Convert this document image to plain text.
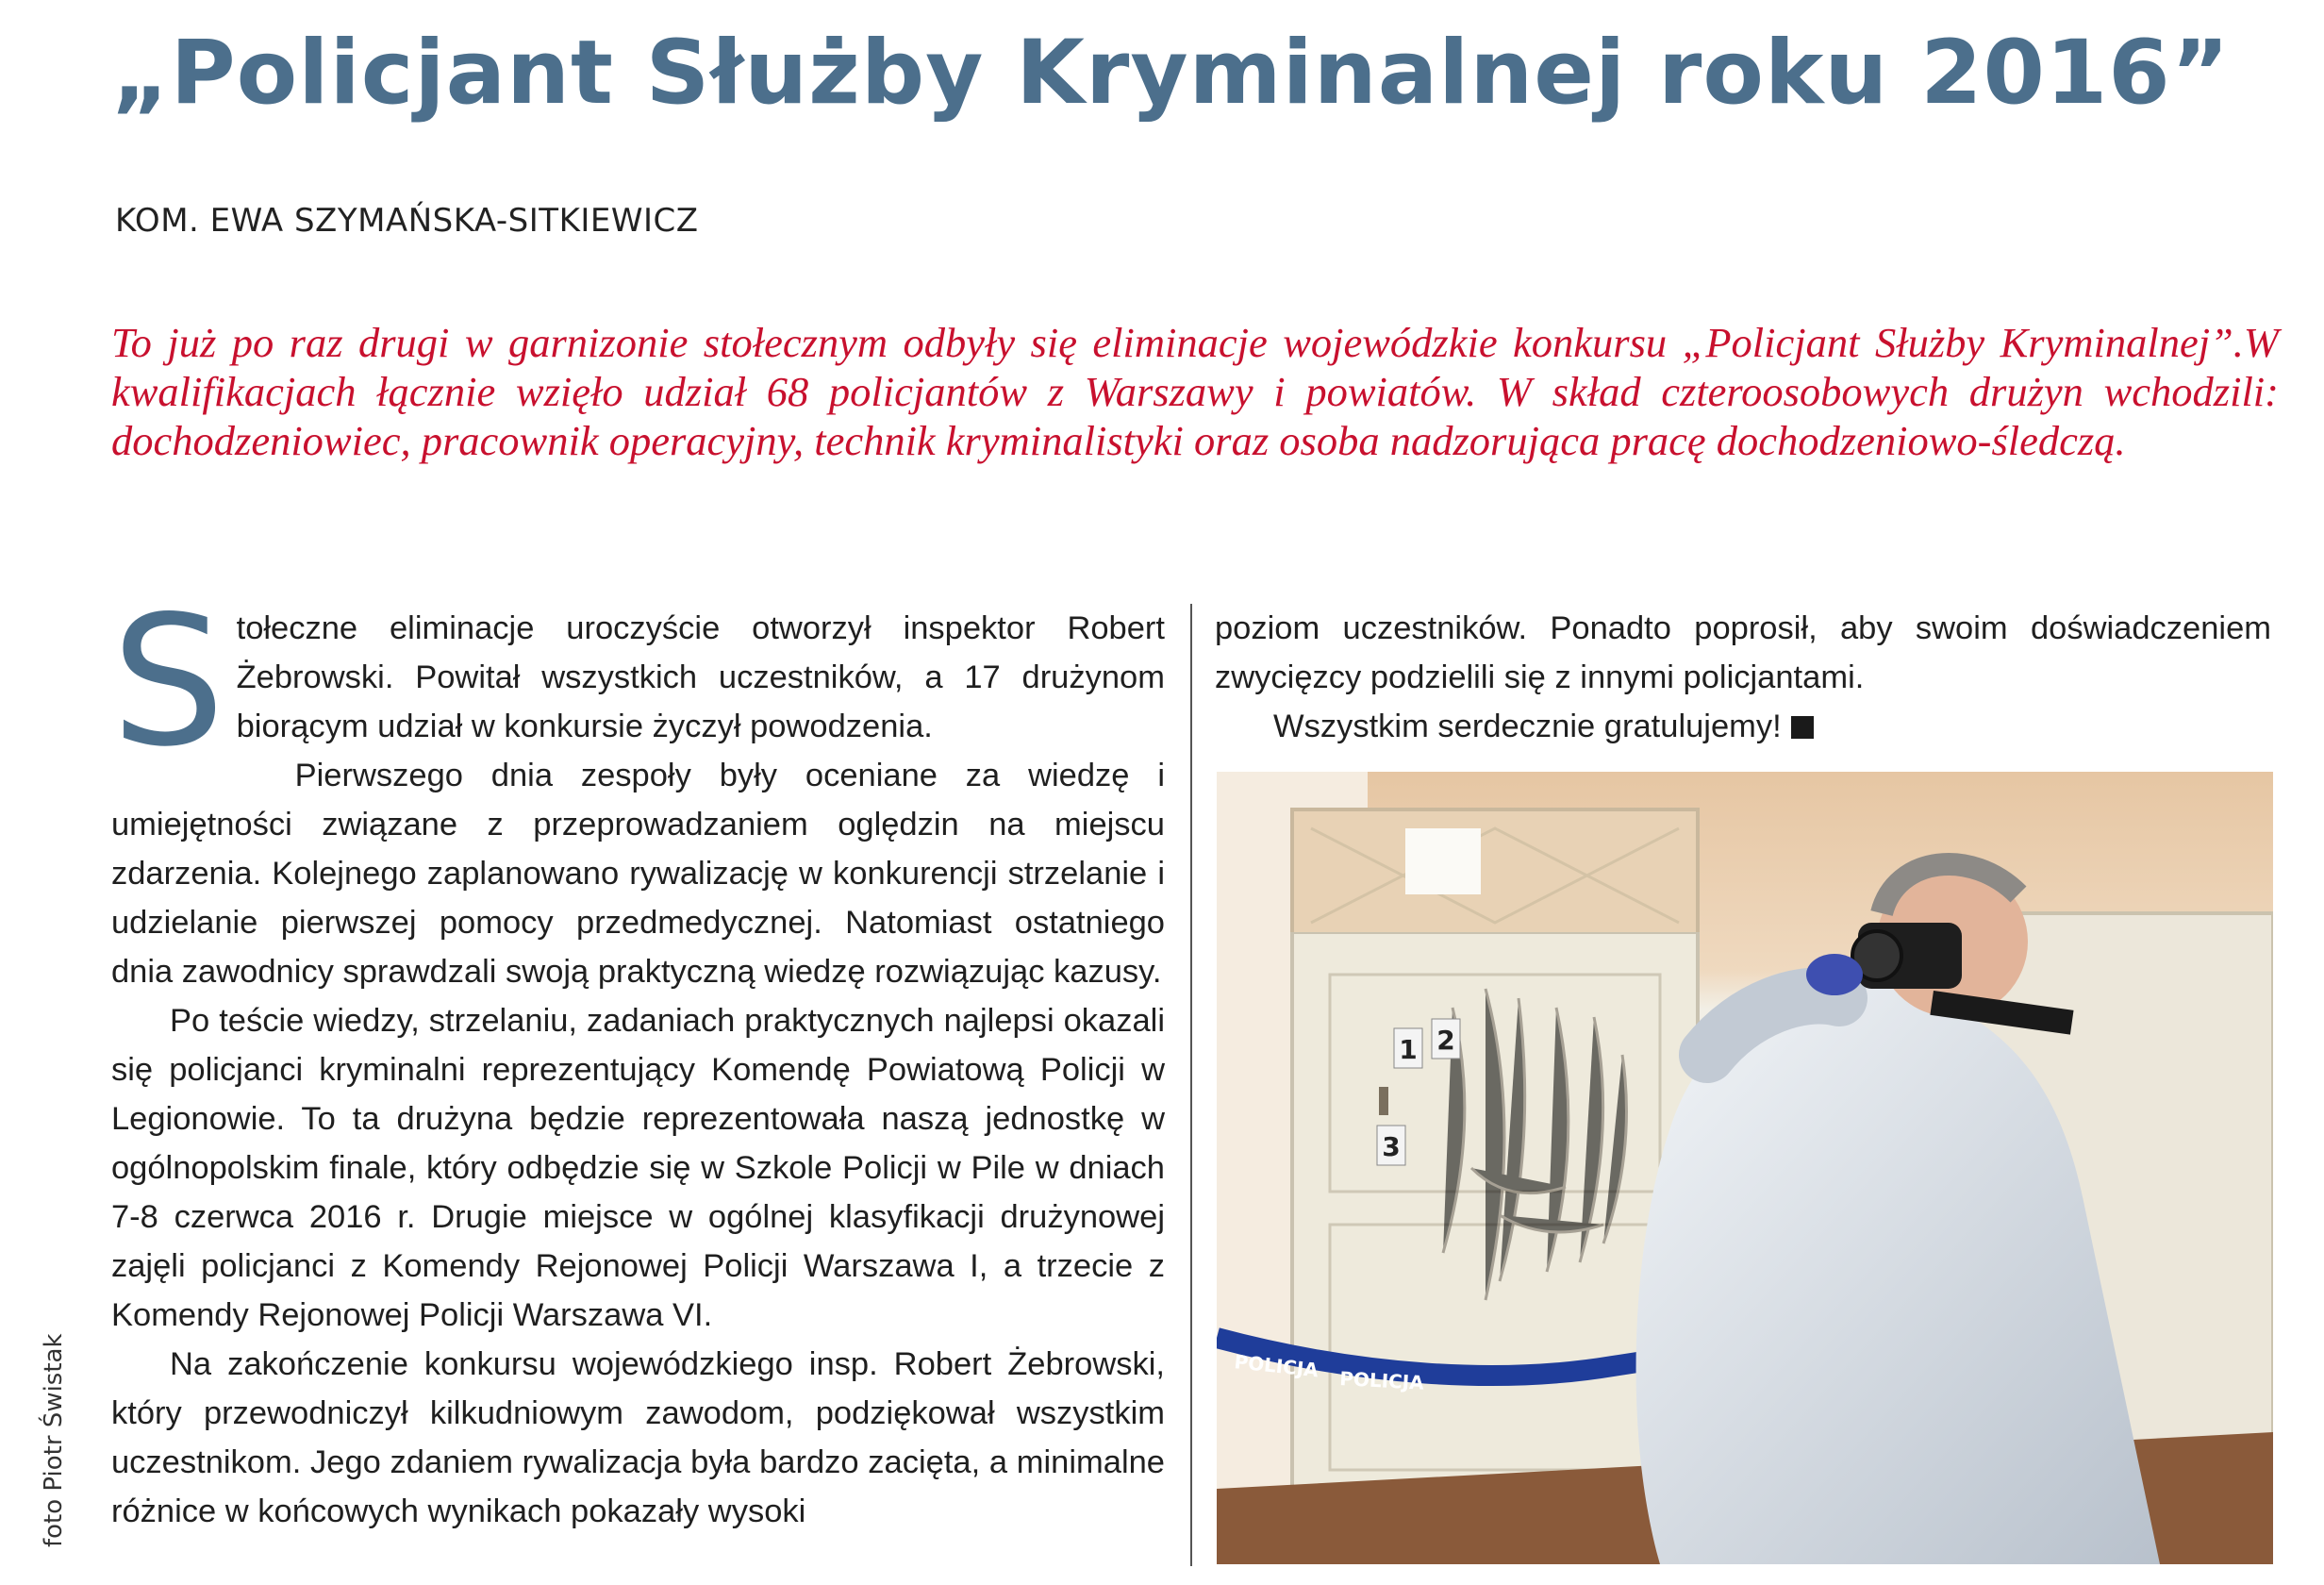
„Policjant Służby Kryminalnej roku 2016”
KOM. EWA SZYMAŃSKA-SITKIEWICZ

To już po raz drugi w garnizonie stołecznym odbyły się eliminacje wojewódzkie konkursu „Policjant Służby Kryminalnej”.W kwalifikacjach łącznie wzięło udział 68 policjantów z Warszawy i powiatów. W skład czteroosobowych drużyn wchodzili: dochodzeniowiec, pracownik operacyjny, technik kryminalistyki oraz osoba nadzorująca pracę dochodzeniowo-śledczą.

Stołeczne eliminacje uroczyście otworzył inspektor Robert Żebrowski. Powitał wszystkich uczestników, a 17 drużynom biorącym udział w konkursie życzył powodzenia.

Pierwszego dnia zespoły były oceniane za wiedzę i umiejętności związane z przeprowadzaniem oględzin na miejscu zdarzenia. Kolejnego zaplanowano rywalizację w konkurencji strzelanie i udzielanie pierwszej pomocy przedmedycznej. Natomiast ostatniego dnia zawodnicy sprawdzali swoją praktyczną wiedzę rozwiązując kazusy.

Po teście wiedzy, strzelaniu, zadaniach praktycznych najlepsi okazali się policjanci kryminalni reprezentujący Komendę Powiatową Policji w Legionowie. To ta drużyna będzie reprezentowała naszą jednostkę w ogólnopolskim finale, który odbędzie się w Szkole Policji w Pile w dniach 7-8 czerwca 2016 r. Drugie miejsce w ogólnej klasyfikacji drużynowej zajęli policjanci z Komendy Rejonowej Policji Warszawa I, a trzecie z Komendy Rejonowej Policji Warszawa VI.

Na zakończenie konkursu wojewódzkiego insp. Robert Żebrowski, który przewodniczył kilkudniowym zawodom, podziękował wszystkim uczestnikom. Jego zdaniem rywalizacja była bardzo zacięta, a minimalne różnice w końcowych wynikach pokazały wysoki

poziom uczestników. Ponadto poprosił, aby swoim doświadczeniem zwycięzcy podzielili się z innymi policjantami.

Wszystkim serdecznie gratulujemy!

foto Piotr Świstak
1 2
3
POLICJA POLICJA
